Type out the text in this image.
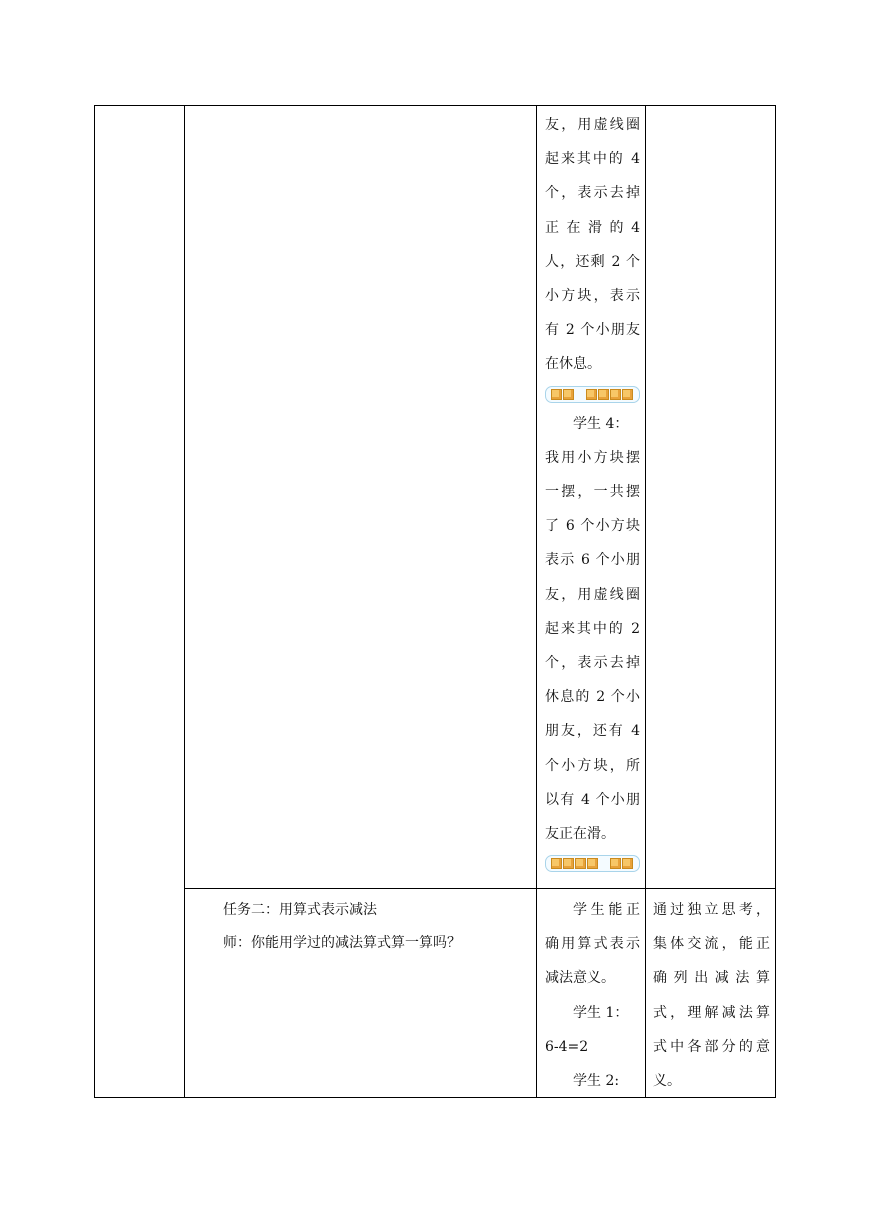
友，用虚线圈

起来其中的 4

个，表示去掉

正 在 滑 的 4

人，还剩 2 个

小方块，表示

有 2 个小朋友

在休息。

学生 4：

我用小方块摆

一摆，一共摆

了 6 个小方块

表示 6 个小朋

友，用虚线圈

起来其中的 2

个，表示去掉

休息的 2 个小

朋友，还有 4

个小方块，所

以有 4 个小朋

友正在滑。

任务二：用算式表示减法

师：你能用学过的减法算式算一算吗？

学生能正

确用算式表示

减法意义。

学生 1：

6-4=2

学生 2:

通过独立思考，

集体交流，能正

确 列 出 减 法 算

式，理解减法算

式中各部分的意

义。
